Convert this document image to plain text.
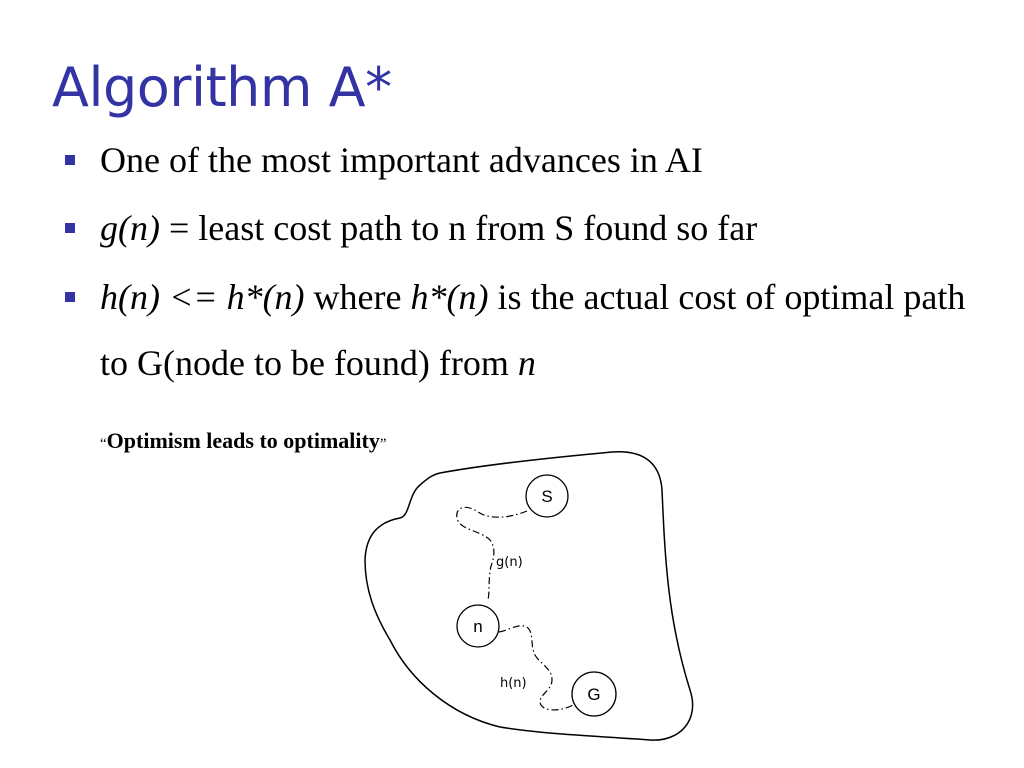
Algorithm A*
One of the most important advances in AI
g(n) = least cost path to n from S found so far
h(n) <= h*(n) where h*(n) is the actual cost of optimal path to G(node to be found) from n
“Optimism leads to optimality”
S
n
G
g(n)
h(n)
